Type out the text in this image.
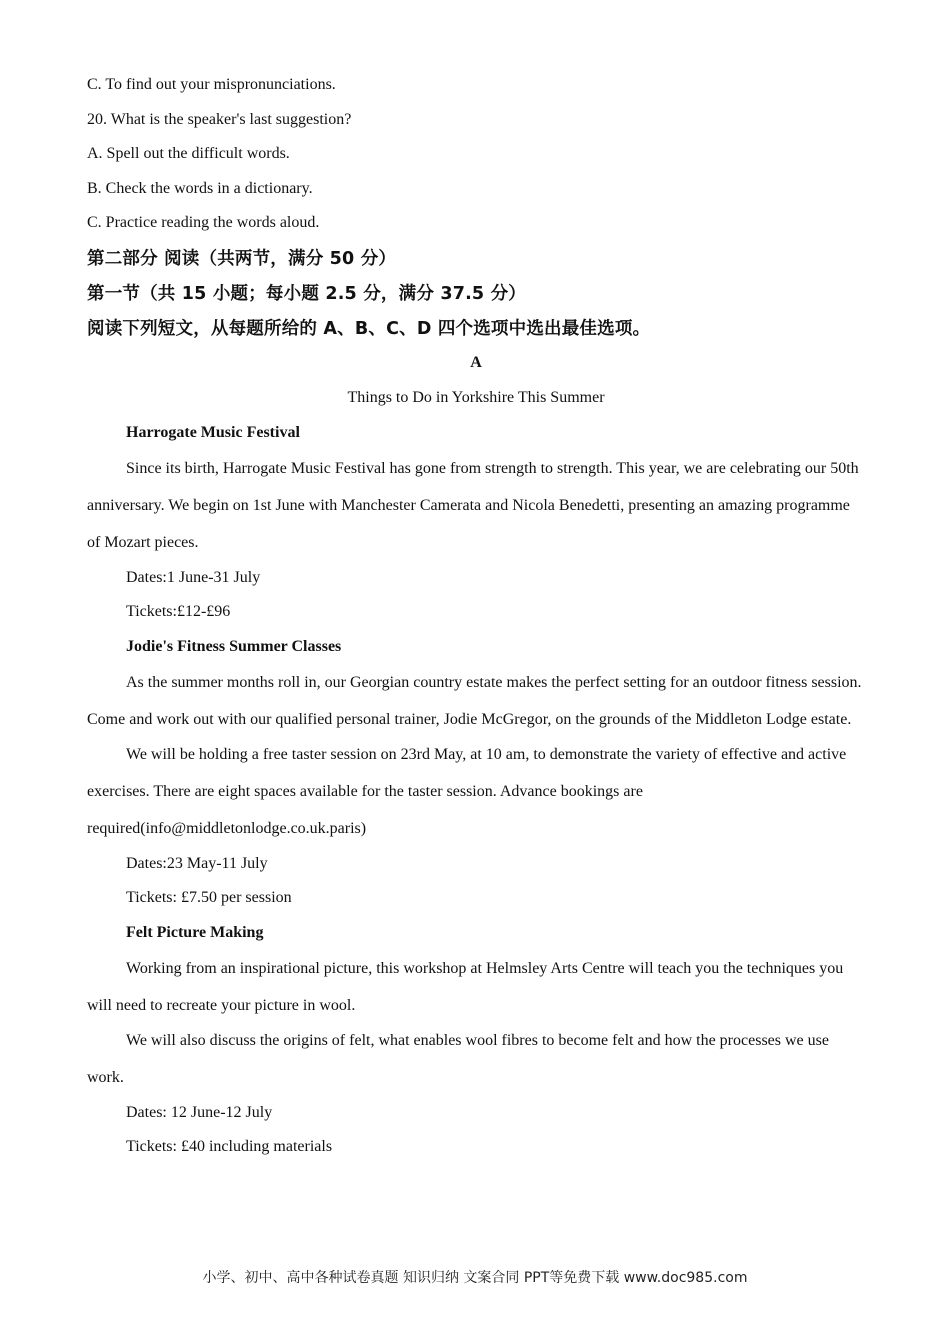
C. To find out your mispronunciations.

20. What is the speaker's last suggestion?

A. Spell out the difficult words.

B. Check the words in a dictionary.

C. Practice reading the words aloud.

第二部分 阅读（共两节，满分 50 分）

第一节（共 15 小题；每小题 2.5 分，满分 37.5 分）

阅读下列短文，从每题所给的 A、B、C、D 四个选项中选出最佳选项。

A

Things to Do in Yorkshire This Summer

Harrogate Music Festival

Since its birth, Harrogate Music Festival has gone from strength to strength. This year, we are celebrating our 50th anniversary. We begin on 1st June with Manchester Camerata and Nicola Benedetti, presenting an amazing programme of Mozart pieces.

Dates:1 June-31 July

Tickets:£12-£96

Jodie's Fitness Summer Classes

As the summer months roll in, our Georgian country estate makes the perfect setting for an outdoor fitness session. Come and work out with our qualified personal trainer, Jodie McGregor, on the grounds of the Middleton Lodge estate.

We will be holding a free taster session on 23rd May, at 10 am, to demonstrate the variety of effective and active exercises. There are eight spaces available for the taster session. Advance bookings are required(info@middletonlodge.co.uk.paris)

Dates:23 May-11 July

Tickets: £7.50 per session

Felt Picture Making

Working from an inspirational picture, this workshop at Helmsley Arts Centre will teach you the techniques you will need to recreate your picture in wool.

We will also discuss the origins of felt, what enables wool fibres to become felt and how the processes we use work.

Dates: 12 June-12 July

Tickets: £40 including materials

小学、初中、高中各种试卷真题 知识归纳 文案合同 PPT等免费下载 www.doc985.com
